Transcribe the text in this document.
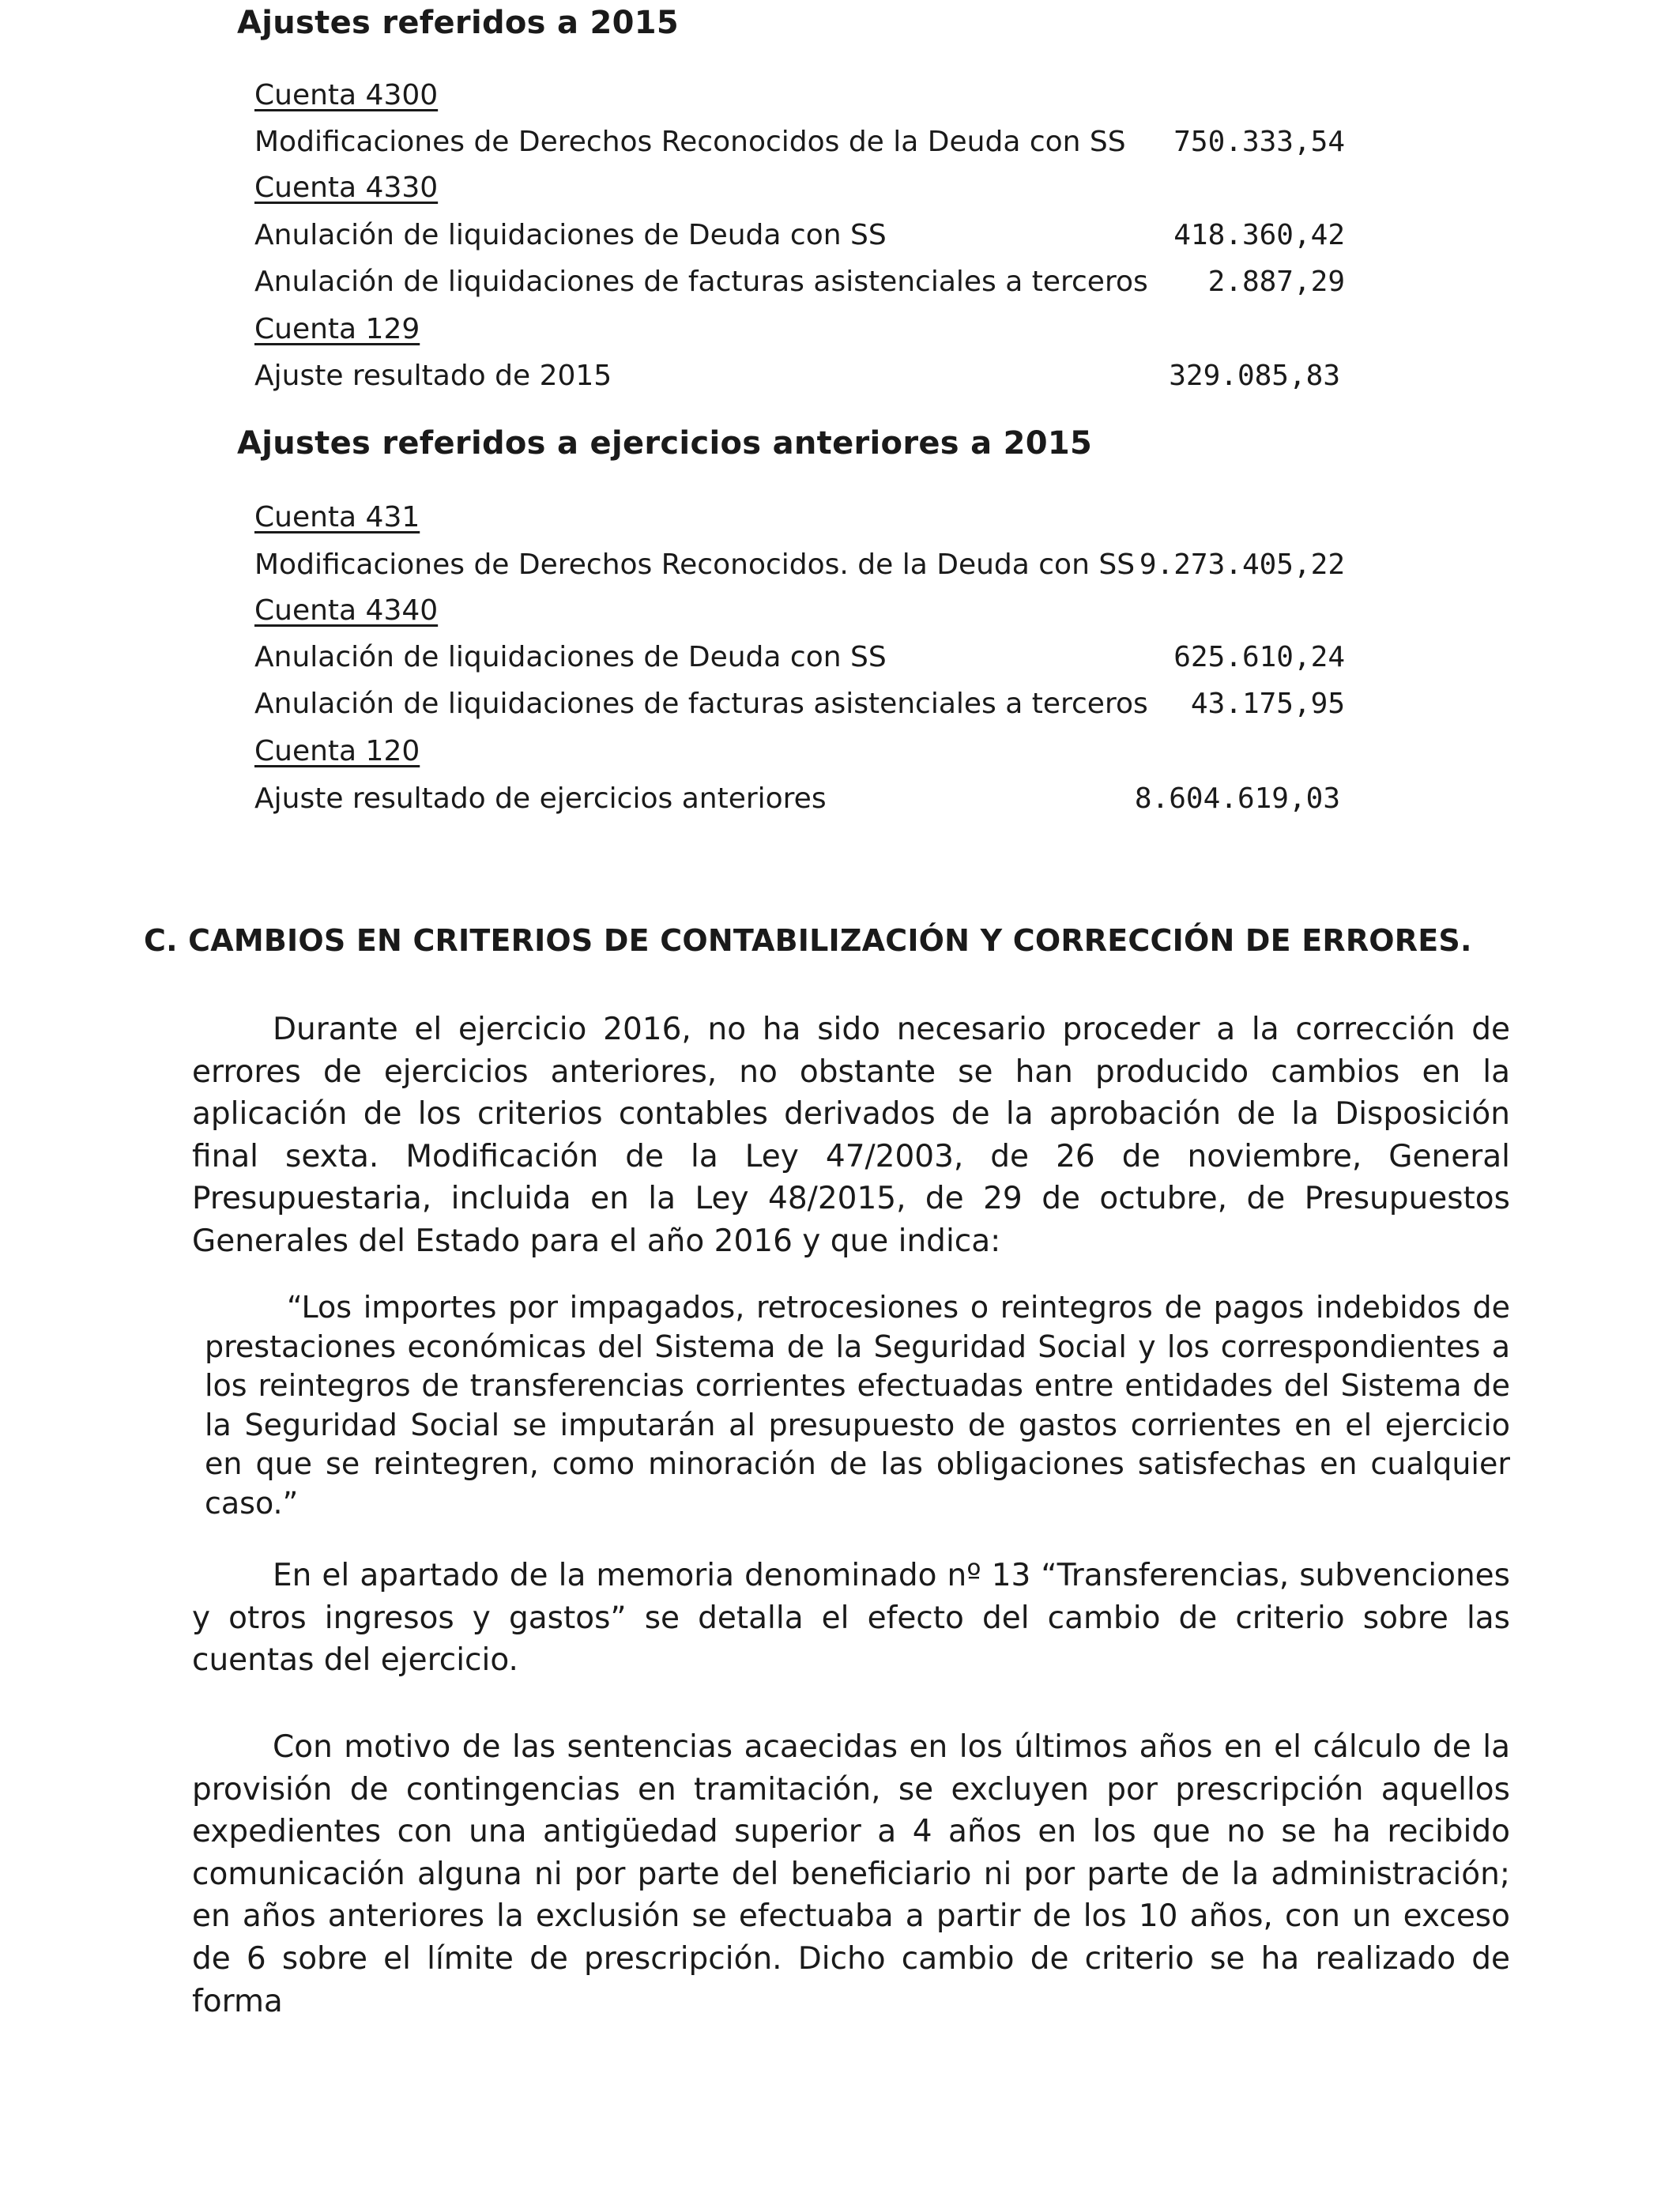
Ajustes referidos a 2015
Cuenta 4300
Modificaciones de Derechos Reconocidos de la Deuda con SS 750.333,54
Cuenta 4330
Anulación de liquidaciones de Deuda con SS	418.360,42
Anulación de liquidaciones de facturas asistenciales a terceros 2.887,29
Cuenta 129
Ajuste resultado de 2015	329.085,83
Ajustes referidos a ejercicios anteriores a 2015
Cuenta 431
Modificaciones de Derechos Reconocidos. de la Deuda con SS 9.273.405,22
Cuenta 4340
Anulación de liquidaciones de Deuda con SS	625.610,24
Anulación de liquidaciones de facturas asistenciales a terceros 43.175,95
Cuenta 120
Ajuste resultado de ejercicios anteriores	8.604.619,03
C. CAMBIOS EN CRITERIOS DE CONTABILIZACIÓN Y CORRECCIÓN DE ERRORES.

Durante el ejercicio 2016, no ha sido necesario proceder a la corrección de errores de ejercicios anteriores, no obstante se han producido cambios en la aplicación de los criterios contables derivados de la aprobación de la Disposición final sexta. Modificación de la Ley 47/2003, de 26 de noviembre, General Presupuestaria, incluida en la Ley 48/2015, de 29 de octubre, de Presupuestos Generales del Estado para el año 2016 y que indica:

“Los importes por impagados, retrocesiones o reintegros de pagos indebidos de prestaciones económicas del Sistema de la Seguridad Social y los correspondientes a los reintegros de transferencias corrientes efectuadas entre entidades del Sistema de la Seguridad Social se imputarán al presupuesto de gastos corrientes en el ejercicio en que se reintegren, como minoración de las obligaciones satisfechas en cualquier caso.”

En el apartado de la memoria denominado nº 13 “Transferencias, subvenciones y otros ingresos y gastos” se detalla el efecto del cambio de criterio sobre las cuentas del ejercicio.

Con motivo de las sentencias acaecidas en los últimos años en el cálculo de la provisión de contingencias en tramitación, se excluyen por prescripción aquellos expedientes con una antigüedad superior a 4 años en los que no se ha recibido comunicación alguna ni por parte del beneficiario ni por parte de la administración; en años anteriores la exclusión se efectuaba a partir de los 10 años, con un exceso de 6 sobre el límite de prescripción. Dicho cambio de criterio se ha realizado de forma
